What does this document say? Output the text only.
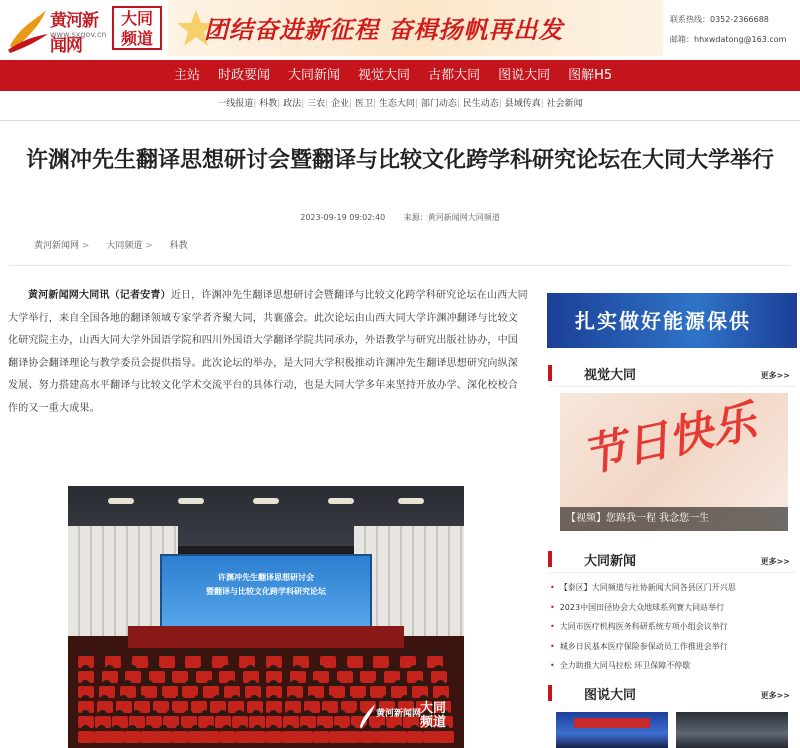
黄河新闻网
www.sxgov.cn
大同
频道 团结奋进新征程 奋楫扬帆再出发	联系热线：0352-2366688
邮箱：hhxwdatong@163.com
主站	时政要闻	大同新闻	视觉大同	古都大同	图说大同	图解H5
一线报道| 科教| 政法| 三农| 企业| 医卫| 生态大同| 部门动态| 民生动态| 县域传真| 社会新闻
许渊冲先生翻译思想研讨会暨翻译与比较文化跨学科研究论坛在大同大学举行
2023-09-19 09:02:40 来源：黄河新闻网大同频道
黄河新闻网 > 大同频道 > 科教

黄河新闻网大同讯（记者安青）近日，许渊冲先生翻译思想研讨会暨翻译与比较文化跨学科研究论坛在山西大同大学举行，来自全国各地的翻译领域专家学者齐聚大同，共襄盛会。此次论坛由山西大同大学许渊冲翻译与比较文化研究院主办，山西大同大学外国语学院和四川外国语大学翻译学院共同承办，外语教学与研究出版社协办，中国翻译协会翻译理论与教学委员会提供指导。此次论坛的举办，是大同大学积极推动许渊冲先生翻译思想研究向纵深发展、努力搭建高水平翻译与比较文化学术交流平台的具体行动，也是大同大学多年来坚持开放办学、深化校校合作的又一重大成果。

许渊冲先生翻译思想研讨会
暨翻译与比较文化跨学科研究论坛
黄河新闻网
大同
频道
扎实做好能源保供
视觉大同	更多>>
节日快乐
【视频】您路我一程 我念您一生
大同新闻	更多>>
• 【泰区】大同频道与社协新闻大同各县区门开兴思
• 2023中国田径协会大众地球系列赛大同站举行
• 大同市医疗机构医务科研系统专项小组会议举行
• 城乡日民基本医疗保险参保动员工作推进会举行
• 全力助推大同马拉松 环卫保障不停歇
图说大同	更多>>
